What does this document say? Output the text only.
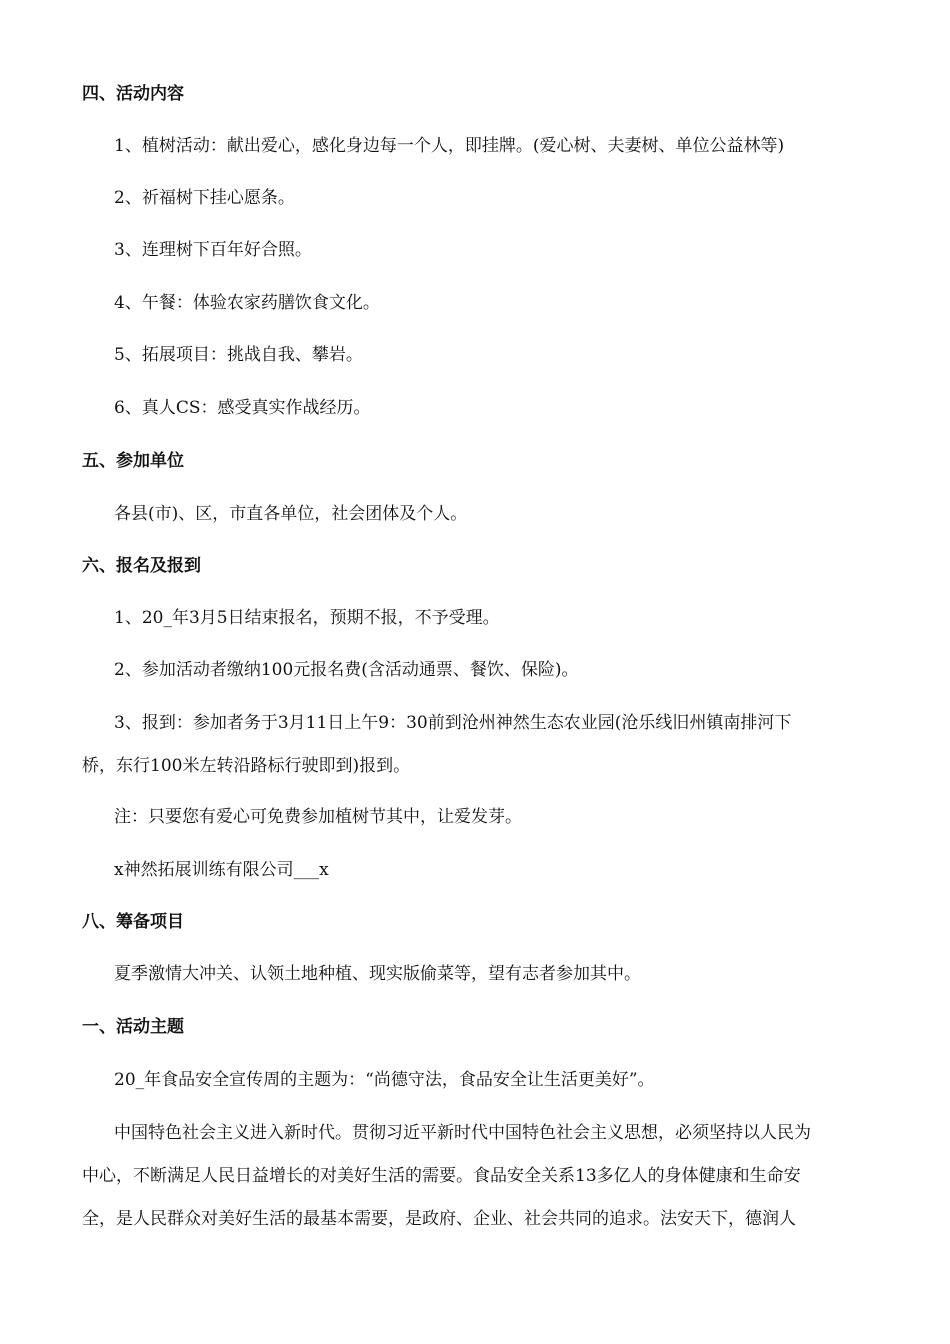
四、活动内容
1、植树活动：献出爱心，感化身边每一个人，即挂牌。(爱心树、夫妻树、单位公益林等)
2、祈福树下挂心愿条。
3、连理树下百年好合照。
4、午餐：体验农家药膳饮食文化。
5、拓展项目：挑战自我、攀岩。
6、真人CS：感受真实作战经历。
五、参加单位
各县(市)、区，市直各单位，社会团体及个人。
六、报名及报到
1、20_年3月5日结束报名，预期不报，不予受理。
2、参加活动者缴纳100元报名费(含活动通票、餐饮、保险)。
3、报到：参加者务于3月11日上午9：30前到沧州神然生态农业园(沧乐线旧州镇南排河下
桥，东行100米左转沿路标行驶即到)报到。
注：只要您有爱心可免费参加植树节其中，让爱发芽。
x神然拓展训练有限公司___x
八、筹备项目
夏季激情大冲关、认领土地种植、现实版偷菜等，望有志者参加其中。
一、活动主题
20_年食品安全宣传周的主题为：“尚德守法，食品安全让生活更美好”。
中国特色社会主义进入新时代。贯彻习近平新时代中国特色社会主义思想，必须坚持以人民为
中心，不断满足人民日益增长的对美好生活的需要。食品安全关系13多亿人的身体健康和生命安
全，是人民群众对美好生活的最基本需要，是政府、企业、社会共同的追求。法安天下，德润人
